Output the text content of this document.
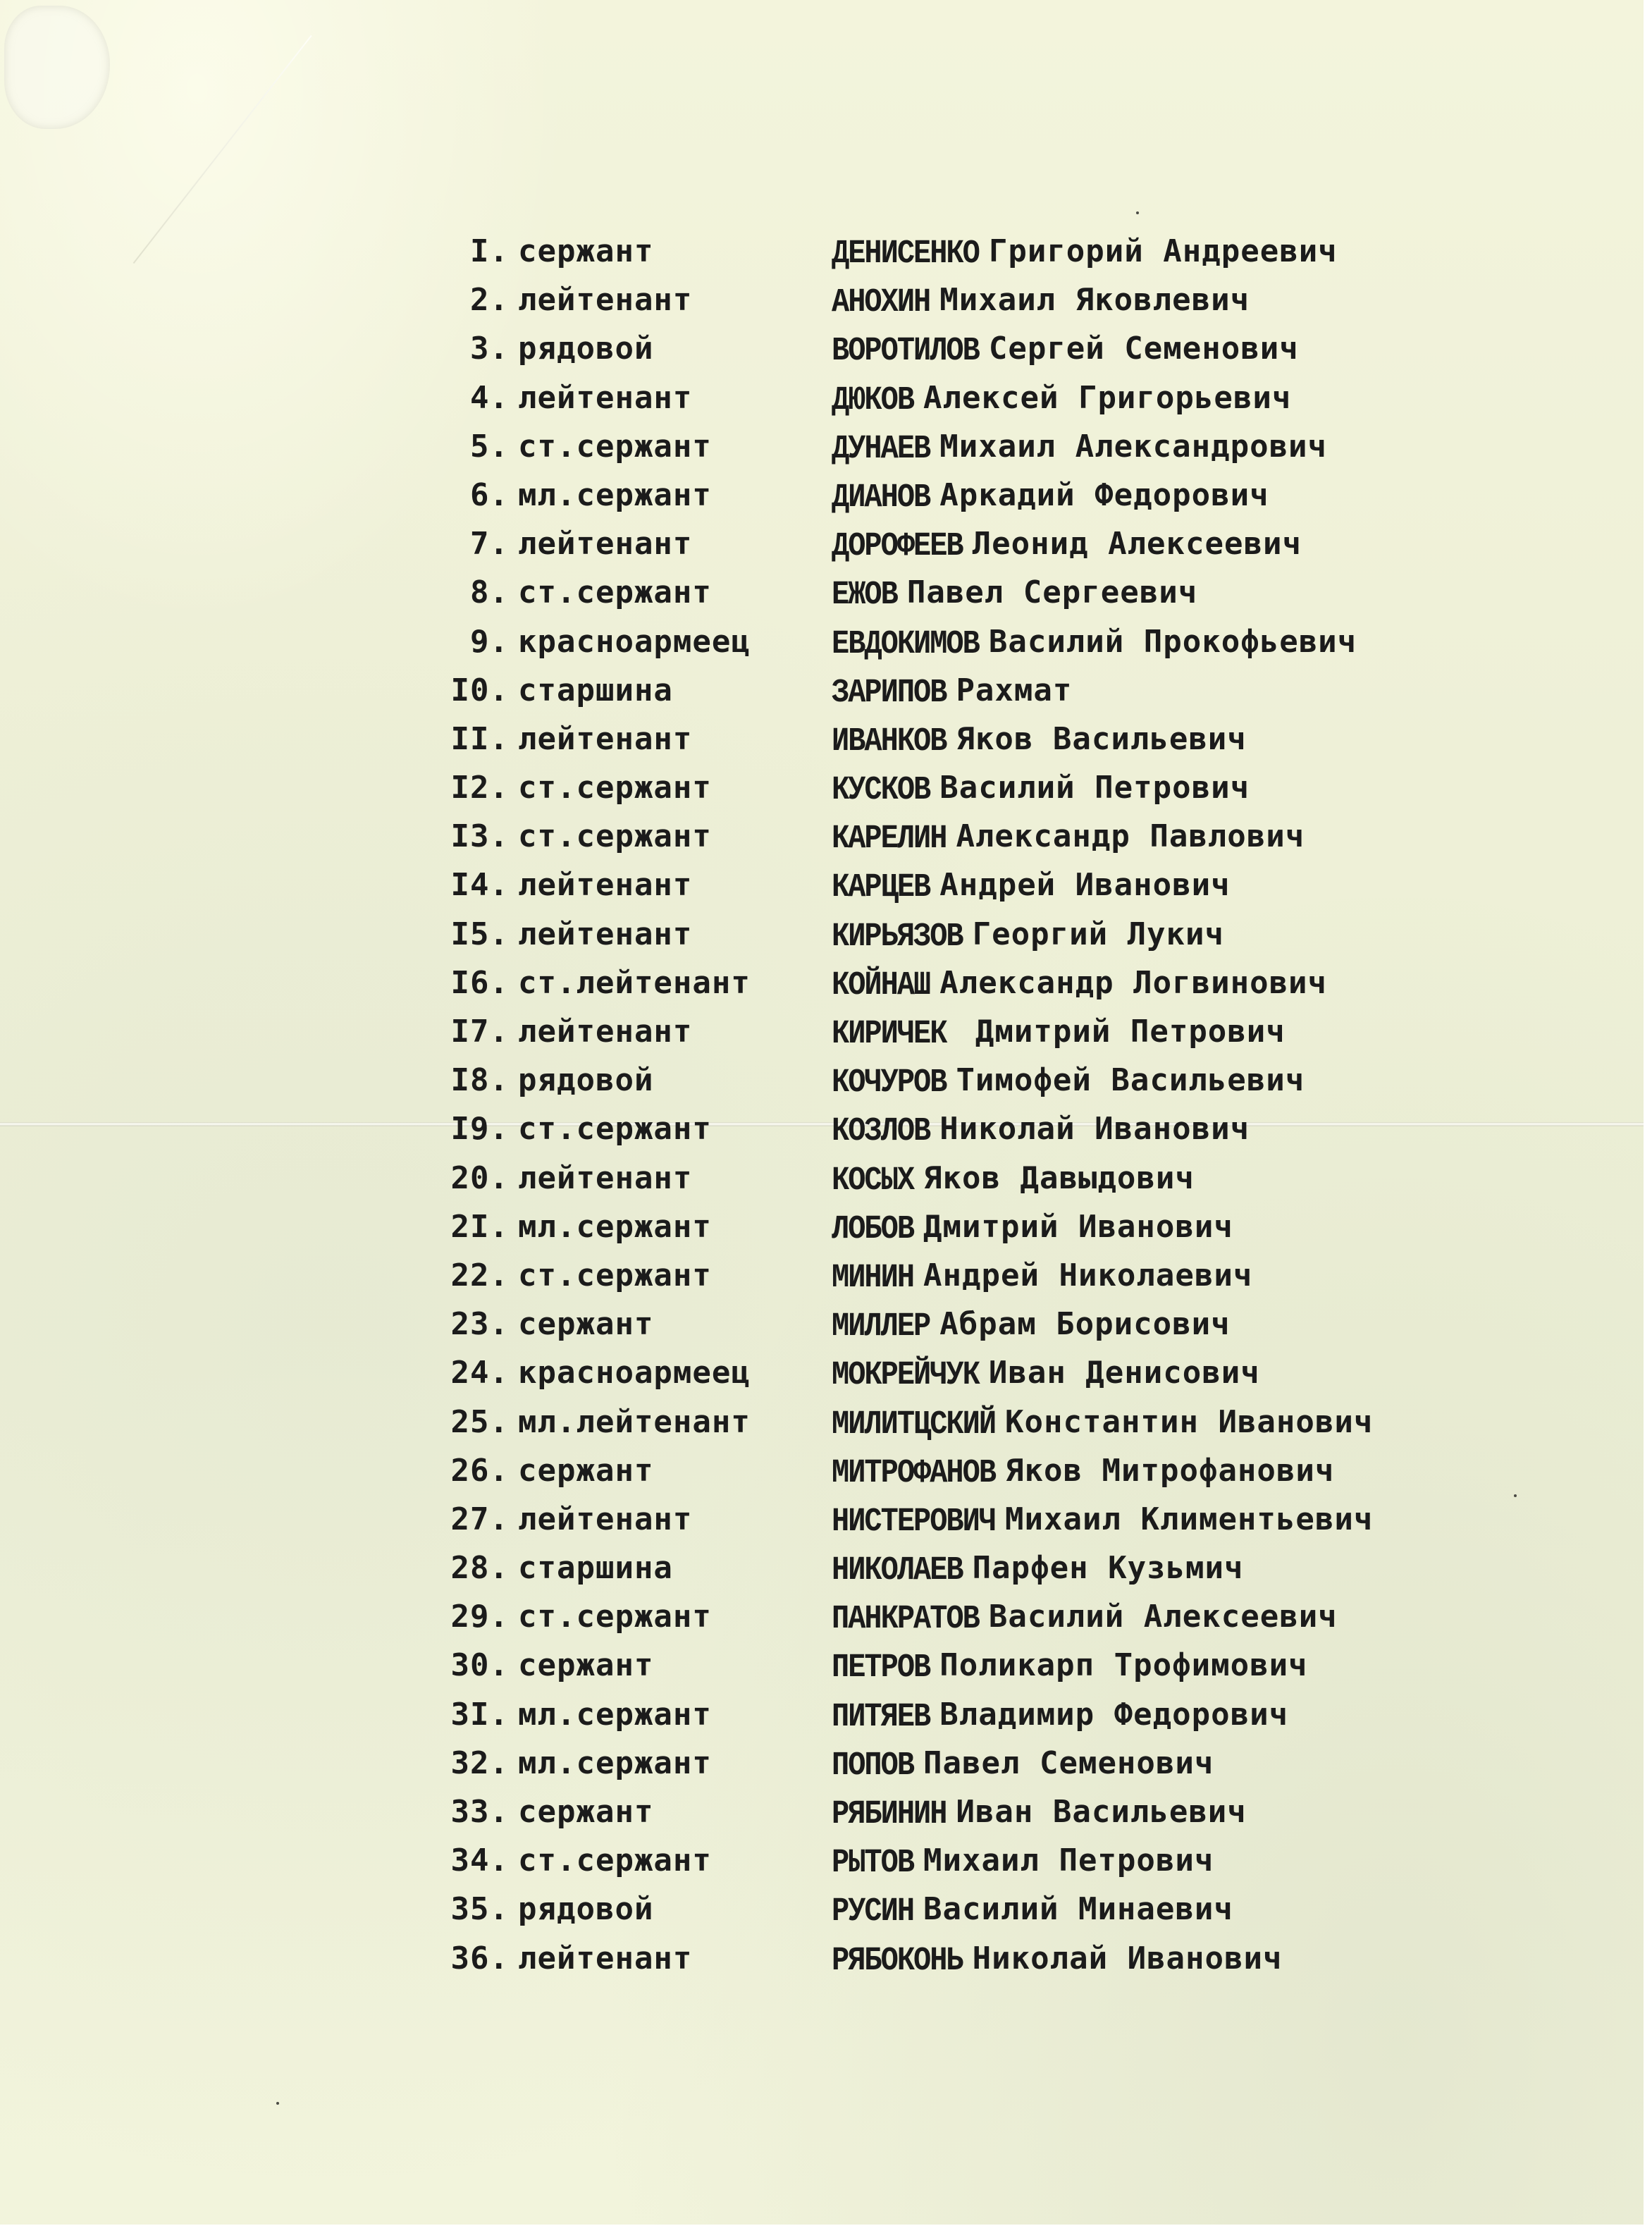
I. сержант	ДЕНИСЕНКО Григорий Андреевич
2. лейтенант	АНОХИН Михаил Яковлевич
3. рядовой	ВОРОТИЛОВ Сергей Семенович
4. лейтенант	ДЮКОВ Алексей Григорьевич
5. ст.сержант	ДУНАЕВ Михаил Александрович
6. мл.сержант	ДИАНОВ Аркадий Федорович
7. лейтенант	ДОРОФЕЕВ Леонид Алексеевич
8. ст.сержант	ЕЖОВ Павел Сергеевич
9. красноармеец	ЕВДОКИМОВ Василий Прокофьевич
I0. старшина	ЗАРИПОВ Рахмат
II. лейтенант	ИВАНКОВ Яков Васильевич
I2. ст.сержант	КУСКОВ Василий Петрович
I3. ст.сержант	КАРЕЛИН Александр Павлович
I4. лейтенант	КАРЦЕВ Андрей Иванович
I5. лейтенант	КИРЬЯЗОВ Георгий Лукич
I6. ст.лейтенант	КОЙНАШ Александр Логвинович
I7. лейтенант	КИРИЧЕК Дмитрий Петрович
I8. рядовой	КОЧУРОВ Тимофей Васильевич
I9. ст.сержант	КОЗЛОВ Николай Иванович
20. лейтенант	КОСЫХ Яков Давыдович
2I. мл.сержант	ЛОБОВ Дмитрий Иванович
22. ст.сержант	МИНИН Андрей Николаевич
23. сержант	МИЛЛЕР Абрам Борисович
24. красноармеец	МОКРЕЙЧУК Иван Денисович
25. мл.лейтенант	МИЛИТЦСКИЙ Константин Иванович
26. сержант	МИТРОФАНОВ Яков Митрофанович
27. лейтенант	НИСТЕРОВИЧ Михаил Климентьевич
28. старшина	НИКОЛАЕВ Парфен Кузьмич
29. ст.сержант	ПАНКРАТОВ Василий Алексеевич
30. сержант	ПЕТРОВ Поликарп Трофимович
3I. мл.сержант	ПИТЯЕВ Владимир Федорович
32. мл.сержант	ПОПОВ Павел Семенович
33. сержант	РЯБИНИН Иван Васильевич
34. ст.сержант	РЫТОВ Михаил Петрович
35. рядовой	РУСИН Василий Минаевич
36. лейтенант	РЯБОКОНЬ Николай Иванович
